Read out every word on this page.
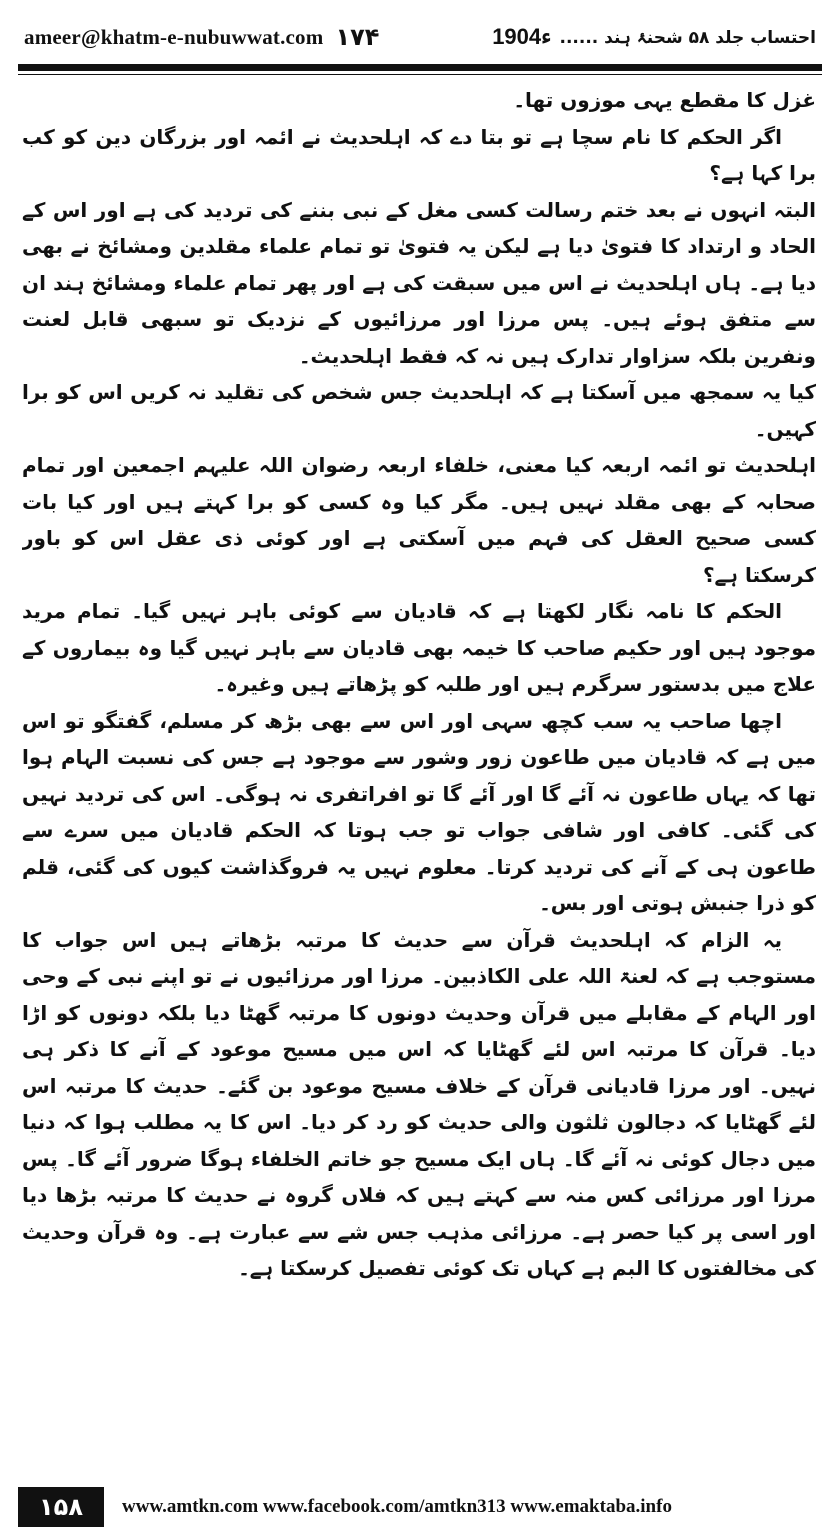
ameer@khatm-e-nubuwwat.com ۱۷۴	احتساب جلد ۵۸ شحنۂ ہند ......
1904ء

غزل کا مقطع یہی موزوں تھا۔

اگر الحکم کا نام سچا ہے تو بتا دے کہ اہلحدیث نے ائمہ اور بزرگان دین کو کب برا کہا ہے؟

البتہ انہوں نے بعد ختم رسالت کسی مغل کے نبی بننے کی تردید کی ہے اور اس کے الحاد و ارتداد کا فتویٰ دیا ہے لیکن یہ فتویٰ تو تمام علماء مقلدین ومشائخ نے بھی دیا ہے۔ ہاں اہلحدیث نے اس میں سبقت کی ہے اور پھر تمام علماء ومشائخ ہند ان سے متفق ہوئے ہیں۔ پس مرزا اور مرزائیوں کے نزدیک تو سبھی قابل لعنت ونفرین بلکہ سزاوار تدارک ہیں نہ کہ فقط اہلحدیث۔

کیا یہ سمجھ میں آسکتا ہے کہ اہلحدیث جس شخص کی تقلید نہ کریں اس کو برا کہیں۔

اہلحدیث تو ائمہ اربعہ کیا معنی، خلفاء اربعہ رضوان اللہ علیہم اجمعین اور تمام صحابہ کے بھی مقلد نہیں ہیں۔ مگر کیا وہ کسی کو برا کہتے ہیں اور کیا بات کسی صحیح العقل کی فہم میں آسکتی ہے اور کوئی ذی عقل اس کو باور کرسکتا ہے؟

الحکم کا نامہ نگار لکھتا ہے کہ قادیان سے کوئی باہر نہیں گیا۔ تمام مرید موجود ہیں اور حکیم صاحب کا خیمہ بھی قادیان سے باہر نہیں گیا وہ بیماروں کے علاج میں بدستور سرگرم ہیں اور طلبہ کو پڑھاتے ہیں وغیرہ۔

اچھا صاحب یہ سب کچھ سہی اور اس سے بھی بڑھ کر مسلم، گفتگو تو اس میں ہے کہ قادیان میں طاعون زور وشور سے موجود ہے جس کی نسبت الہام ہوا تھا کہ یہاں طاعون نہ آئے گا اور آئے گا تو افراتفری نہ ہوگی۔ اس کی تردید نہیں کی گئی۔ کافی اور شافی جواب تو جب ہوتا کہ الحکم قادیان میں سرے سے طاعون ہی کے آنے کی تردید کرتا۔ معلوم نہیں یہ فروگذاشت کیوں کی گئی، قلم کو ذرا جنبش ہوتی اور بس۔

یہ الزام کہ اہلحدیث قرآن سے حدیث کا مرتبہ بڑھاتے ہیں اس جواب کا مستوجب ہے کہ لعنۃ اللہ علی الکاذبین۔ مرزا اور مرزائیوں نے تو اپنے نبی کے وحی اور الہام کے مقابلے میں قرآن وحدیث دونوں کا مرتبہ گھٹا دیا بلکہ دونوں کو اڑا دیا۔ قرآن کا مرتبہ اس لئے گھٹایا کہ اس میں مسیح موعود کے آنے کا ذکر ہی نہیں۔ اور مرزا قادیانی قرآن کے خلاف مسیح موعود بن گئے۔ حدیث کا مرتبہ اس لئے گھٹایا کہ دجالون ثلثون والی حدیث کو رد کر دیا۔ اس کا یہ مطلب ہوا کہ دنیا میں دجال کوئی نہ آئے گا۔ ہاں ایک مسیح جو خاتم الخلفاء ہوگا ضرور آئے گا۔ پس مرزا اور مرزائی کس منہ سے کہتے ہیں کہ فلاں گروہ نے حدیث کا مرتبہ بڑھا دیا اور اسی پر کیا حصر ہے۔ مرزائی مذہب جس شے سے عبارت ہے۔ وہ قرآن وحدیث کی مخالفتوں کا البم ہے کہاں تک کوئی تفصیل کرسکتا ہے۔

۱۵۸ www.amtkn.com www.facebook.com/amtkn313 www.emaktaba.info
